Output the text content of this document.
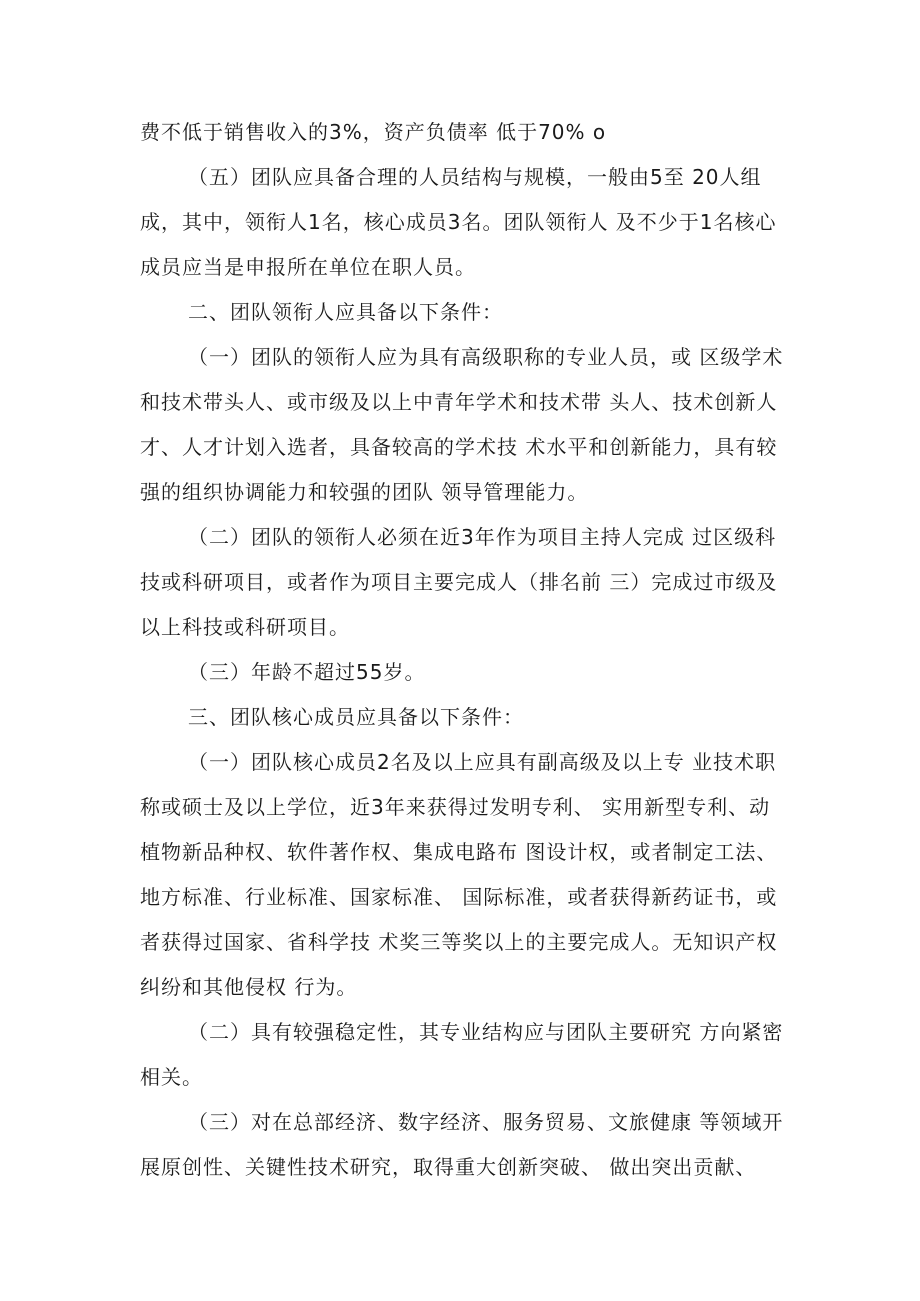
费不低于销售收入的3%，资产负债率 低于70% o

（五）团队应具备合理的人员结构与规模，一般由5至 20人组成，其中，领衔人1名，核心成员3名。团队领衔人 及不少于1名核心成员应当是申报所在单位在职人员。

二、团队领衔人应具备以下条件：

（一）团队的领衔人应为具有高级职称的专业人员，或 区级学术和技术带头人、或市级及以上中青年学术和技术带 头人、技术创新人才、人才计划入选者，具备较高的学术技 术水平和创新能力，具有较强的组织协调能力和较强的团队 领导管理能力。

（二）团队的领衔人必须在近3年作为项目主持人完成 过区级科技或科研项目，或者作为项目主要完成人（排名前 三）完成过市级及以上科技或科研项目。

（三）年龄不超过55岁。

三、团队核心成员应具备以下条件：

（一）团队核心成员2名及以上应具有副高级及以上专 业技术职称或硕士及以上学位，近3年来获得过发明专利、 实用新型专利、动植物新品种权、软件著作权、集成电路布 图设计权，或者制定工法、地方标准、行业标准、国家标准、 国际标准，或者获得新药证书，或者获得过国家、省科学技 术奖三等奖以上的主要完成人。无知识产权纠纷和其他侵权 行为。

（二）具有较强稳定性，其专业结构应与团队主要研究 方向紧密相关。

（三）对在总部经济、数字经济、服务贸易、文旅健康 等领域开展原创性、关键性技术研究，取得重大创新突破、 做出突出贡献、
